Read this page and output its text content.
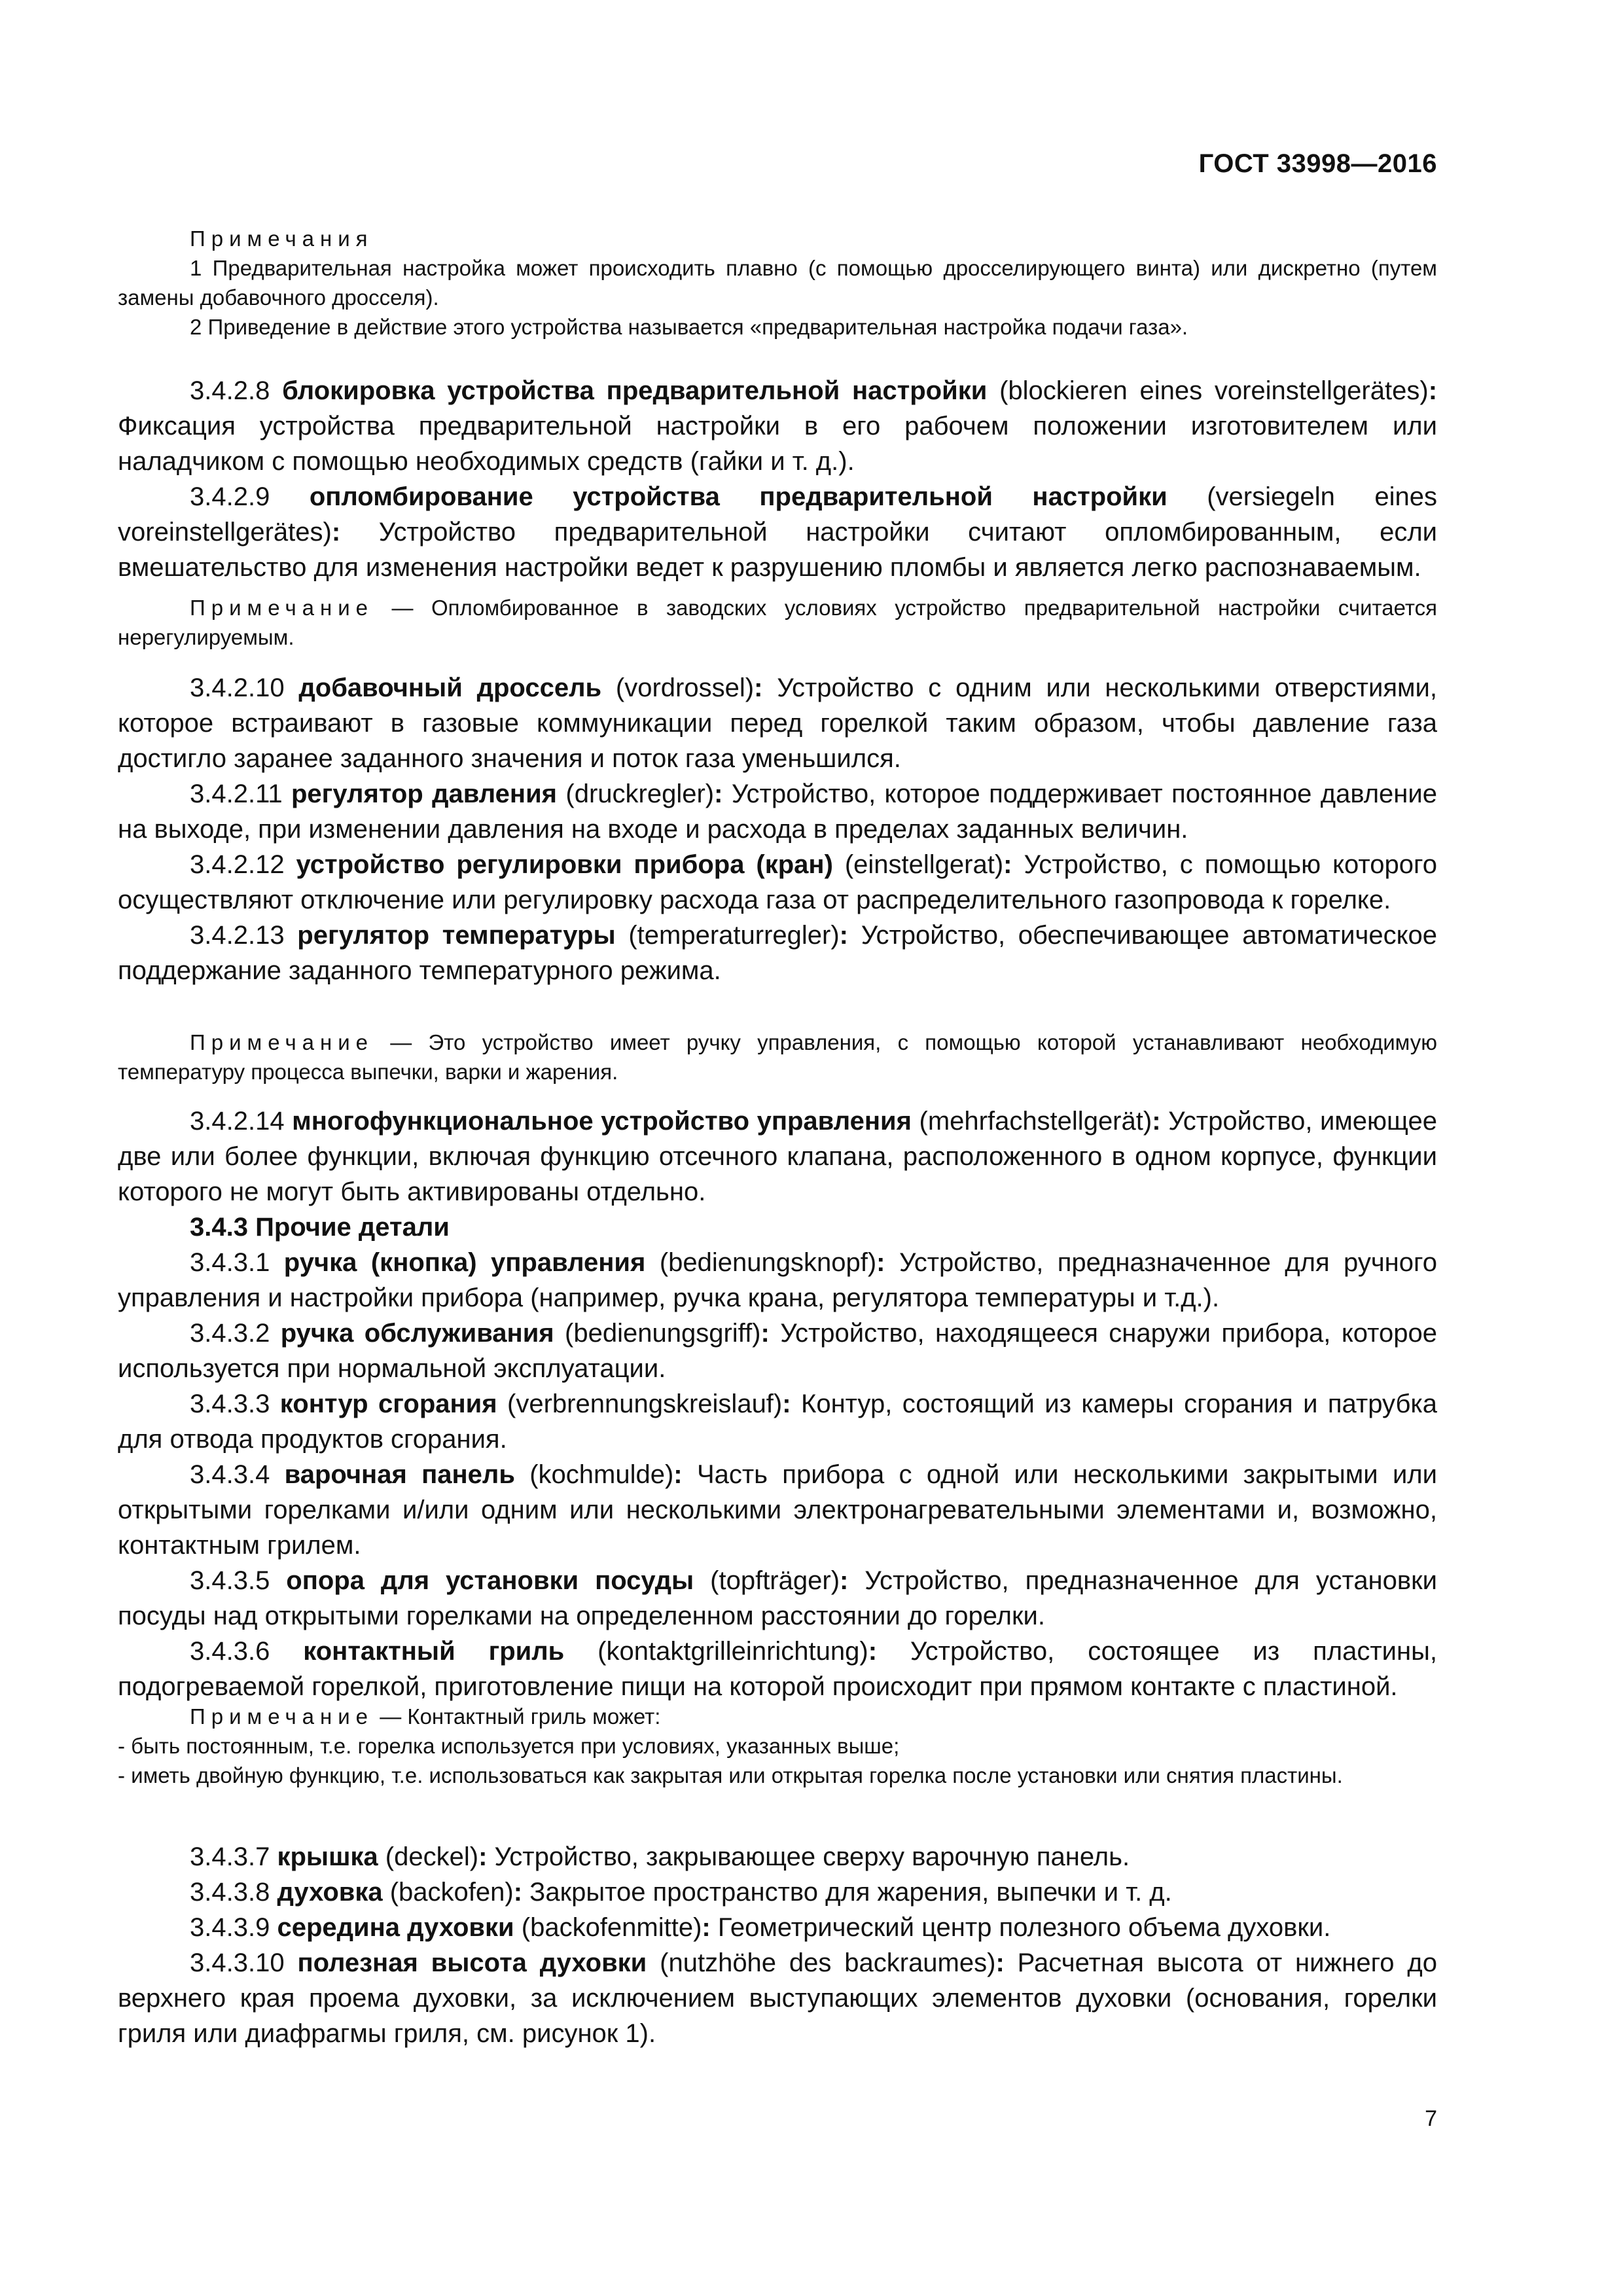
ГОСТ 33998—2016

Примечания

1 Предварительная настройка может происходить плавно (с помощью дросселирующего винта) или дискретно (путем замены добавочного дросселя).

2 Приведение в действие этого устройства называется «предварительная настройка подачи газа».

3.4.2.8 блокировка устройства предварительной настройки (blockieren eines voreinstellgerätes): Фиксация устройства предварительной настройки в его рабочем положении изготовителем или наладчиком с помощью необходимых средств (гайки и т. д.).

3.4.2.9 опломбирование устройства предварительной настройки (versiegeln eines voreinstellgerätes): Устройство предварительной настройки считают опломбированным, если вмешательство для изменения настройки ведет к разрушению пломбы и является легко распознаваемым.

Примечание — Опломбированное в заводских условиях устройство предварительной настройки считается нерегулируемым.

3.4.2.10 добавочный дроссель (vordrossel): Устройство с одним или несколькими отверстиями, которое встраивают в газовые коммуникации перед горелкой таким образом, чтобы давление газа достигло заранее заданного значения и поток газа уменьшился.

3.4.2.11 регулятор давления (druckregler): Устройство, которое поддерживает постоянное давление на выходе, при изменении давления на входе и расхода в пределах заданных величин.

3.4.2.12 устройство регулировки прибора (кран) (einstellgerat): Устройство, с помощью которого осуществляют отключение или регулировку расхода газа от распределительного газопровода к горелке.

3.4.2.13 регулятор температуры (temperaturregler): Устройство, обеспечивающее автоматическое поддержание заданного температурного режима.

Примечание — Это устройство имеет ручку управления, с помощью которой устанавливают необходимую температуру процесса выпечки, варки и жарения.

3.4.2.14 многофункциональное устройство управления (mehrfachstellgerät): Устройство, имеющее две или более функции, включая функцию отсечного клапана, расположенного в одном корпусе, функции которого не могут быть активированы отдельно.

3.4.3 Прочие детали

3.4.3.1 ручка (кнопка) управления (bedienungsknopf): Устройство, предназначенное для ручного управления и настройки прибора (например, ручка крана, регулятора температуры и т.д.).

3.4.3.2 ручка обслуживания (bedienungsgriff): Устройство, находящееся снаружи прибора, которое используется при нормальной эксплуатации.

3.4.3.3 контур сгорания (verbrennungskreislauf): Контур, состоящий из камеры сгорания и патрубка для отвода продуктов сгорания.

3.4.3.4 варочная панель (kochmulde): Часть прибора с одной или несколькими закрытыми или открытыми горелками и/или одним или несколькими электронагревательными элементами и, возможно, контактным грилем.

3.4.3.5 опора для установки посуды (topfträger): Устройство, предназначенное для установки посуды над открытыми горелками на определенном расстоянии до горелки.

3.4.3.6 контактный гриль (kontaktgrilleinrichtung): Устройство, состоящее из пластины, подогреваемой горелкой, приготовление пищи на которой происходит при прямом контакте с пластиной.

Примечание — Контактный гриль может:

- быть постоянным, т.е. горелка используется при условиях, указанных выше;

- иметь двойную функцию, т.е. использоваться как закрытая или открытая горелка после установки или снятия пластины.

3.4.3.7 крышка (deckel): Устройство, закрывающее сверху варочную панель.

3.4.3.8 духовка (backofen): Закрытое пространство для жарения, выпечки и т. д.

3.4.3.9 середина духовки (backofenmitte): Геометрический центр полезного объема духовки.

3.4.3.10 полезная высота духовки (nutzhöhe des backraumes): Расчетная высота от нижнего до верхнего края проема духовки, за исключением выступающих элементов духовки (основания, горелки гриля или диафрагмы гриля, см. рисунок 1).

7
